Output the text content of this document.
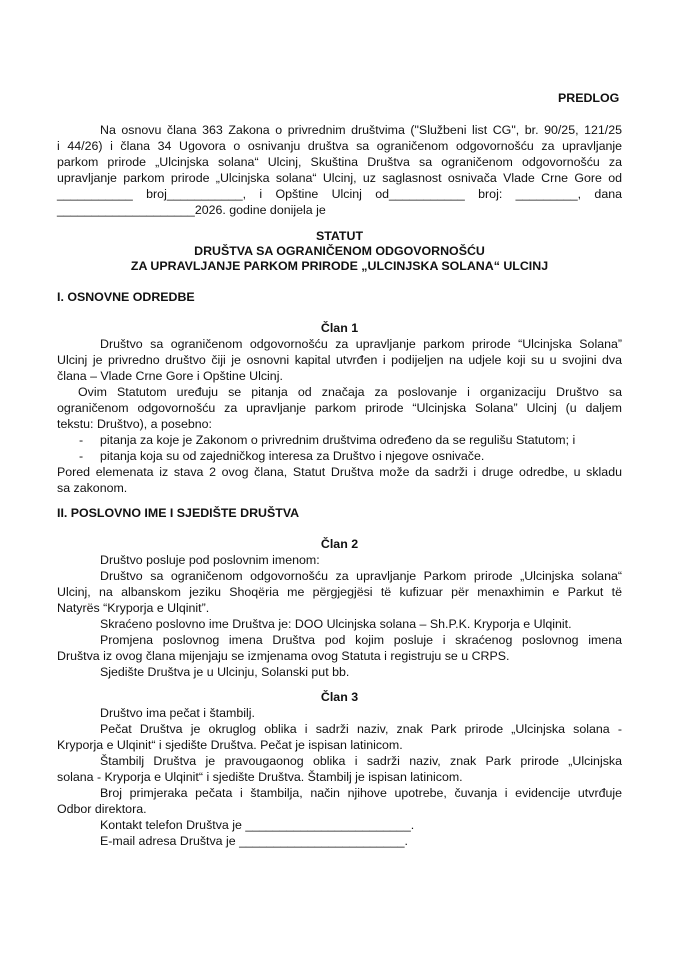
PREDLOG
Na osnovu člana 363 Zakona o privrednim društvima ("Službeni list CG", br. 90/25, 121/25
i 44/26) i člana 34 Ugovora o osnivanju društva sa ograničenom odgovornošću za upravljanje
parkom prirode „Ulcinjska solana“ Ulcinj, Skuština Društva sa ograničenom odgovornošću za
upravljanje parkom prirode „Ulcinjska solana“ Ulcinj, uz saglasnost osnivača Vlade Crne Gore od
___________ broj___________, i Opštine Ulcinj od___________ broj: _________, dana
____________________2026. godine donijela je
STATUT
DRUŠTVA SA OGRANIČENOM ODGOVORNOŠĆU
ZA UPRAVLJANJE PARKOM PRIRODE „ULCINJSKA SOLANA“ ULCINJ
I. OSNOVNE ODREDBE
Član 1
Društvo sa ograničenom odgovornošću za upravljanje parkom prirode “Ulcinjska Solana”
Ulcinj je privredno društvo čiji je osnovni kapital utvrđen i podijeljen na udjele koji su u svojini dva
člana – Vlade Crne Gore i Opštine Ulcinj.
Ovim Statutom uređuju se pitanja od značaja za poslovanje i organizaciju Društvo sa
ograničenom odgovornošću za upravljanje parkom prirode “Ulcinjska Solana” Ulcinj (u daljem
tekstu: Društvo), a posebno:
- pitanja za koje je Zakonom o privrednim društvima određeno da se regulišu Statutom; i
- pitanja koja su od zajedničkog interesa za Društvo i njegove osnivače.
Pored elemenata iz stava 2 ovog člana, Statut Društva može da sadrži i druge odredbe, u skladu
sa zakonom.
II. POSLOVNO IME I SJEDIŠTE DRUŠTVA
Član 2
Društvo posluje pod poslovnim imenom:
Društvo sa ograničenom odgovornošću za upravljanje Parkom prirode „Ulcinjska solana“
Ulcinj, na albanskom jeziku Shoqëria me përgjegjësi të kufizuar për menaxhimin e Parkut të
Natyrës “Kryporja e Ulqinit”.
Skraćeno poslovno ime Društva je: DOO Ulcinjska solana – Sh.P.K. Kryporja e Ulqinit.
Promjena poslovnog imena Društva pod kojim posluje i skraćenog poslovnog imena
Društva iz ovog člana mijenjaju se izmjenama ovog Statuta i registruju se u CRPS.
Sjedište Društva je u Ulcinju, Solanski put bb.
Član 3
Društvo ima pečat i štambilj.
Pečat Društva je okruglog oblika i sadrži naziv, znak Park prirode „Ulcinjska solana -
Kryporja e Ulqinit“ i sjedište Društva. Pečat je ispisan latinicom.
Štambilj Društva je pravougaonog oblika i sadrži naziv, znak Park prirode „Ulcinjska
solana - Kryporja e Ulqinit“ i sjedište Društva. Štambilj je ispisan latinicom.
Broj primjeraka pečata i štambilja, način njihove upotrebe, čuvanja i evidencije utvrđuje
Odbor direktora.
Kontakt telefon Društva je ________________________.
E-mail adresa Društva je ________________________.
